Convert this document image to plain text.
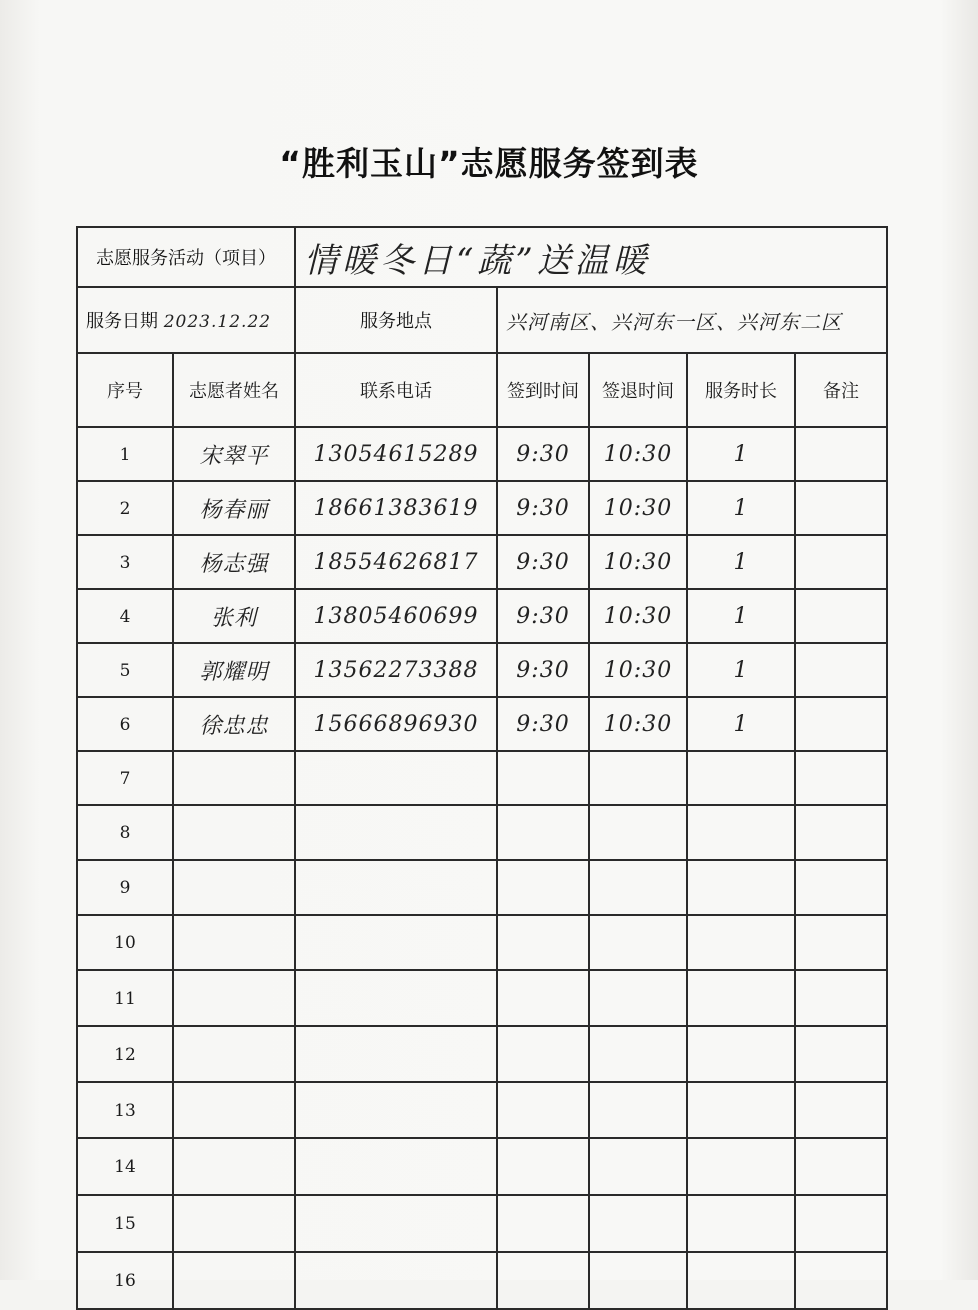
“胜利玉山”志愿服务签到表
志愿服务活动（项目）		情暖冬日“蔬”送温暖				
服务日期 2023.12.22		服务地点	兴河南区、兴河东一区、兴河东二区			
序号	志愿者姓名	联系电话	签到时间	签退时间	服务时长	备注
1	宋翠平	13054615289	9:30	10:30	1	
2	杨春丽	18661383619	9:30	10:30	1	
3	杨志强	18554626817	9:30	10:30	1	
4	张利	13805460699	9:30	10:30	1	
5	郭耀明	13562273388	9:30	10:30	1	
6	徐忠忠	15666896930	9:30	10:30	1	
7						
8						
9						
10						
11						
12						
13						
14						
15						
16						
